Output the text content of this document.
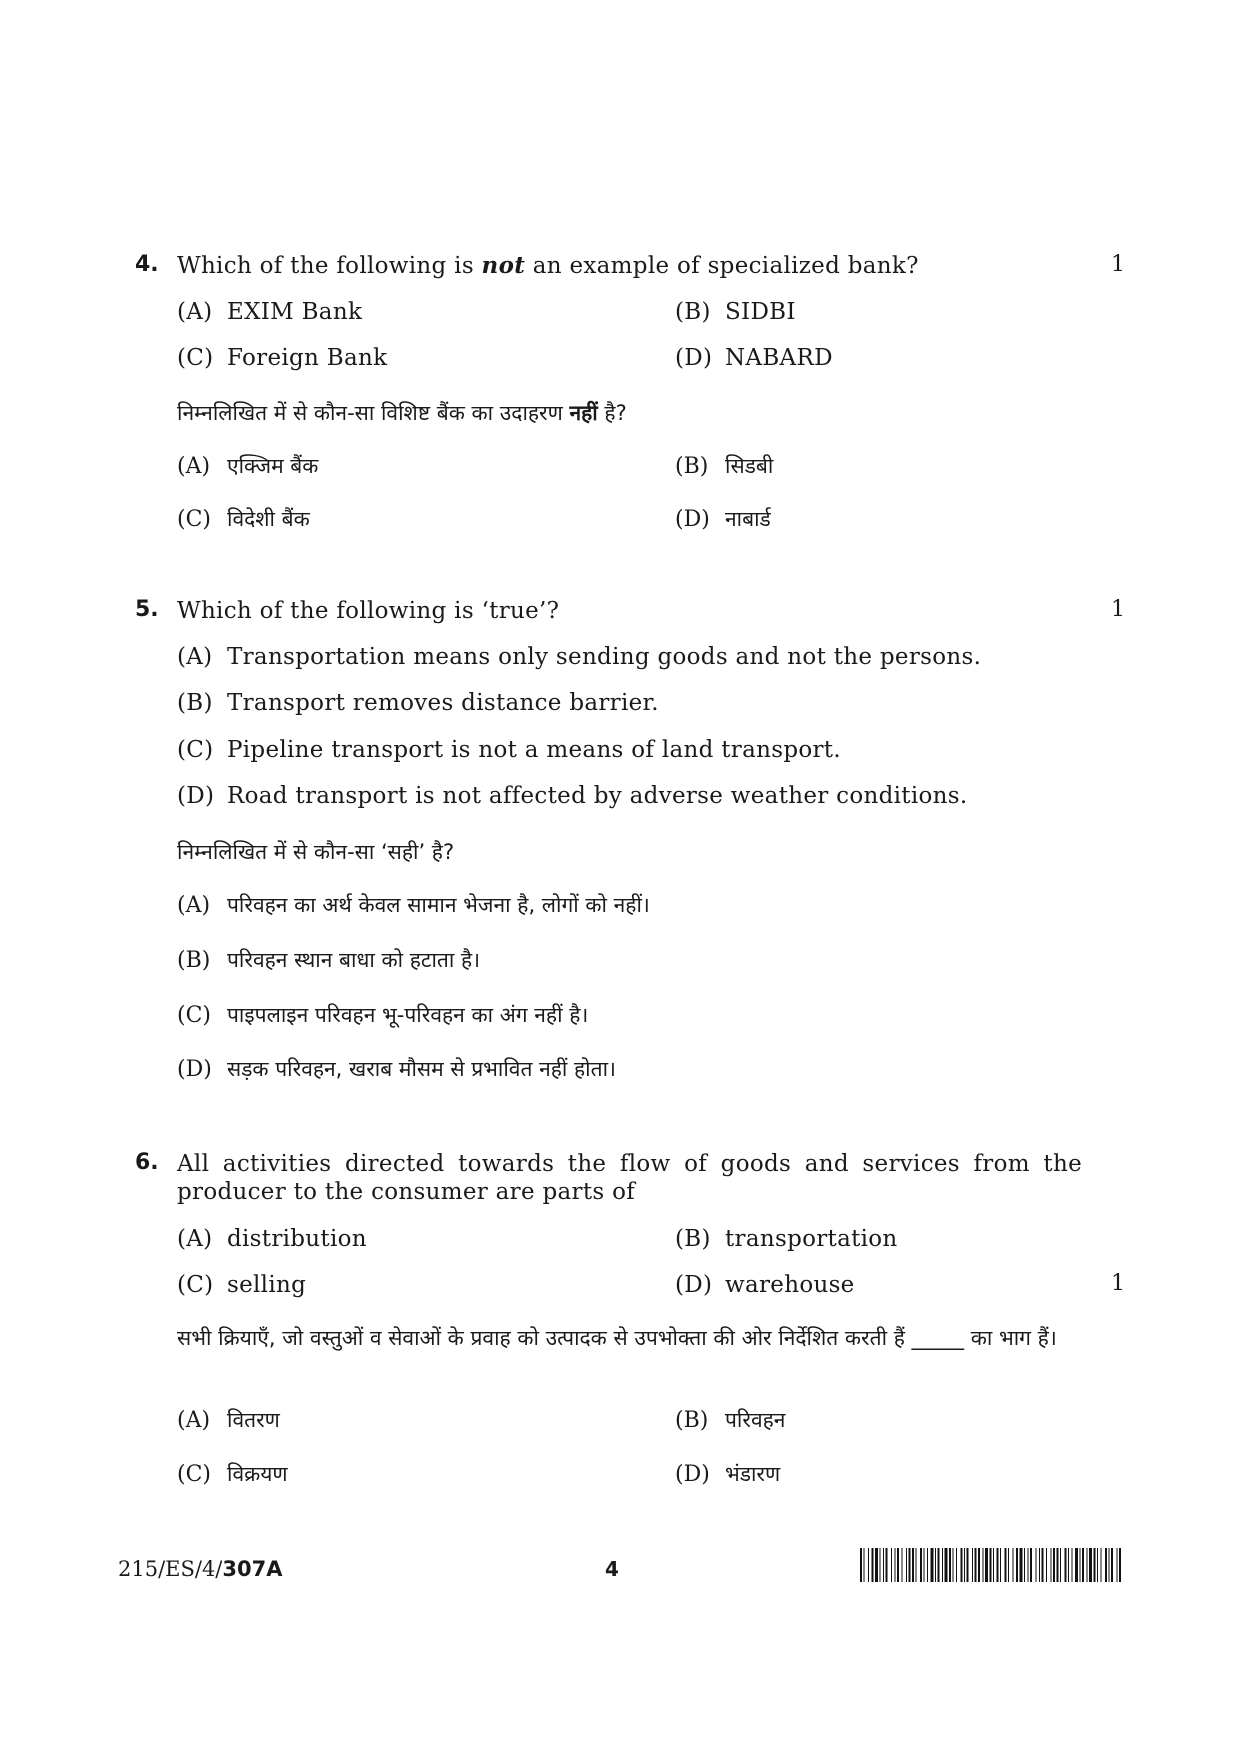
4. Which of the following is not an example of specialized bank?	1
(A) EXIM Bank	(B) SIDBI
(C) Foreign Bank	(D) NABARD
निम्नलिखित में से कौन-सा विशिष्ट बैंक का उदाहरण नहीं है?
(A) एक्जिम बैंक	(B) सिडबी
(C) विदेशी बैंक	(D) नाबार्ड
5. Which of the following is ‘true’?	1
(A) Transportation means only sending goods and not the persons.
(B) Transport removes distance barrier.
(C) Pipeline transport is not a means of land transport.
(D) Road transport is not affected by adverse weather conditions.
निम्नलिखित में से कौन-सा ‘सही’ है?
(A) परिवहन का अर्थ केवल सामान भेजना है, लोगों को नहीं।
(B) परिवहन स्थान बाधा को हटाता है।
(C) पाइपलाइन परिवहन भू-परिवहन का अंग नहीं है।
(D) सड़क परिवहन, खराब मौसम से प्रभावित नहीं होता।
6. All activities directed towards the flow of goods and services from the producer to the consumer are parts of
(A) distribution	(B) transportation
(C) selling	(D) warehouse	1
सभी क्रियाएँ, जो वस्तुओं व सेवाओं के प्रवाह को उत्पादक से उपभोक्ता की ओर निर्देशित करती हैं _____ का भाग हैं।
(A) वितरण	(B) परिवहन
(C) विक्रयण	(D) भंडारण
215/ES/4/307A	4
